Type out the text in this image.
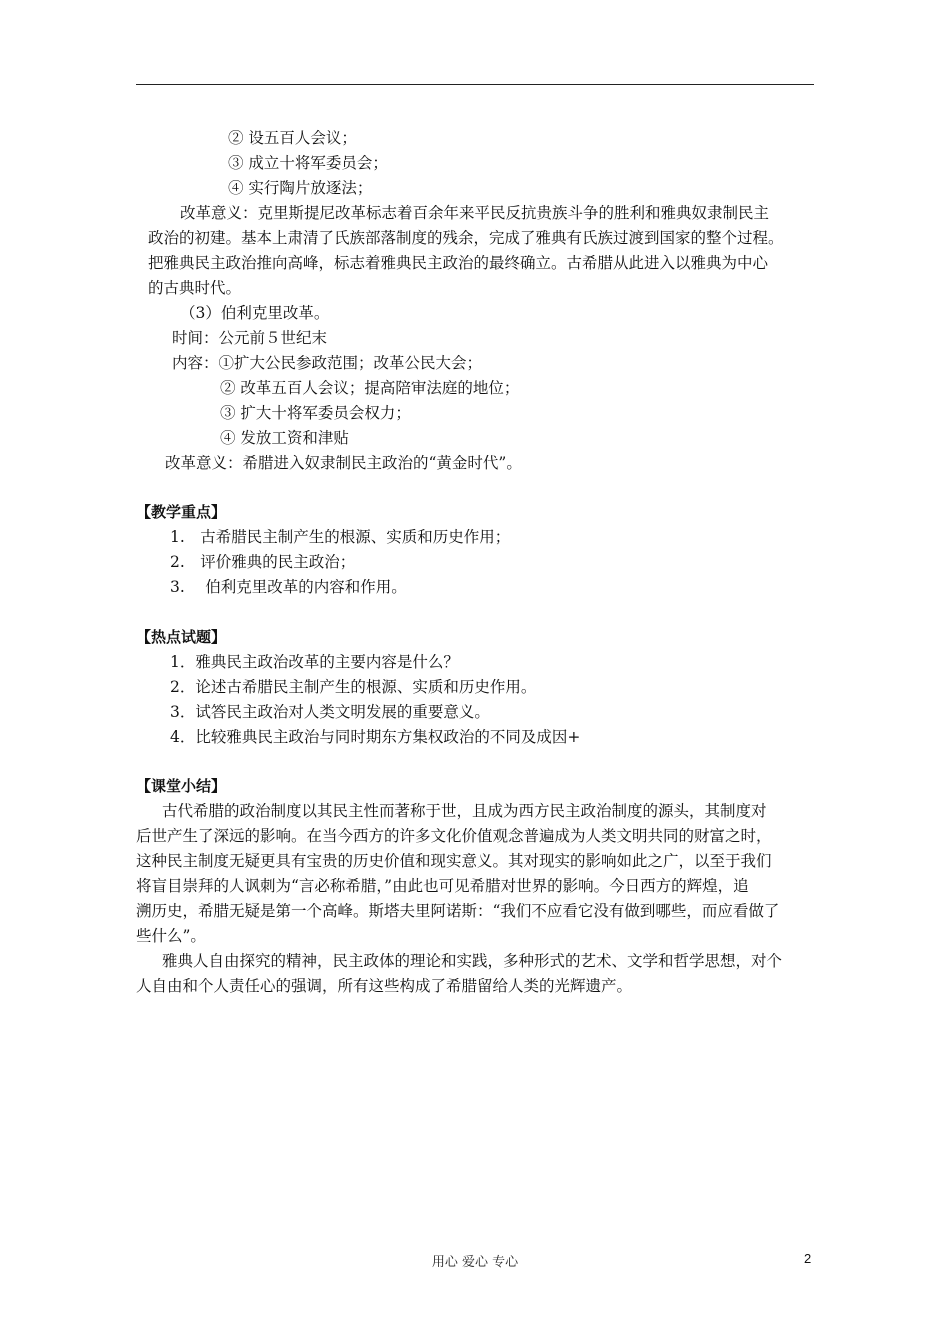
② 设五百人会议；
③ 成立十将军委员会；
④ 实行陶片放逐法；
改革意义：克里斯提尼改革标志着百余年来平民反抗贵族斗争的胜利和雅典奴隶制民主
政治的初建。基本上肃清了氏族部落制度的残余，完成了雅典有氏族过渡到国家的整个过程。
把雅典民主政治推向高峰，标志着雅典民主政治的最终确立。古希腊从此进入以雅典为中心
的古典时代。
（3）伯利克里改革。
时间：公元前５世纪末
内容：①扩大公民参政范围；改革公民大会；
② 改革五百人会议；提高陪审法庭的地位；
③ 扩大十将军委员会权力；
④ 发放工资和津贴
改革意义：希腊进入奴隶制民主政治的“黄金时代”。
【教学重点】
1.　古希腊民主制产生的根源、实质和历史作用；
2.　评价雅典的民主政治；
3.　 伯利克里改革的内容和作用。
【热点试题】
1．雅典民主政治改革的主要内容是什么？
2．论述古希腊民主制产生的根源、实质和历史作用。
3．试答民主政治对人类文明发展的重要意义。
4．比较雅典民主政治与同时期东方集权政治的不同及成因+
【课堂小结】
古代希腊的政治制度以其民主性而著称于世，且成为西方民主政治制度的源头，其制度对
后世产生了深远的影响。在当今西方的许多文化价值观念普遍成为人类文明共同的财富之时，
这种民主制度无疑更具有宝贵的历史价值和现实意义。其对现实的影响如此之广，以至于我们
将盲目崇拜的人讽刺为“言必称希腊，”由此也可见希腊对世界的影响。今日西方的辉煌，追
溯历史，希腊无疑是第一个高峰。斯塔夫里阿诺斯：“我们不应看它没有做到哪些，而应看做了
些什么”。
雅典人自由探究的精神，民主政体的理论和实践，多种形式的艺术、文学和哲学思想，对个
人自由和个人责任心的强调，所有这些构成了希腊留给人类的光辉遗产。
用心 爱心 专心	2
